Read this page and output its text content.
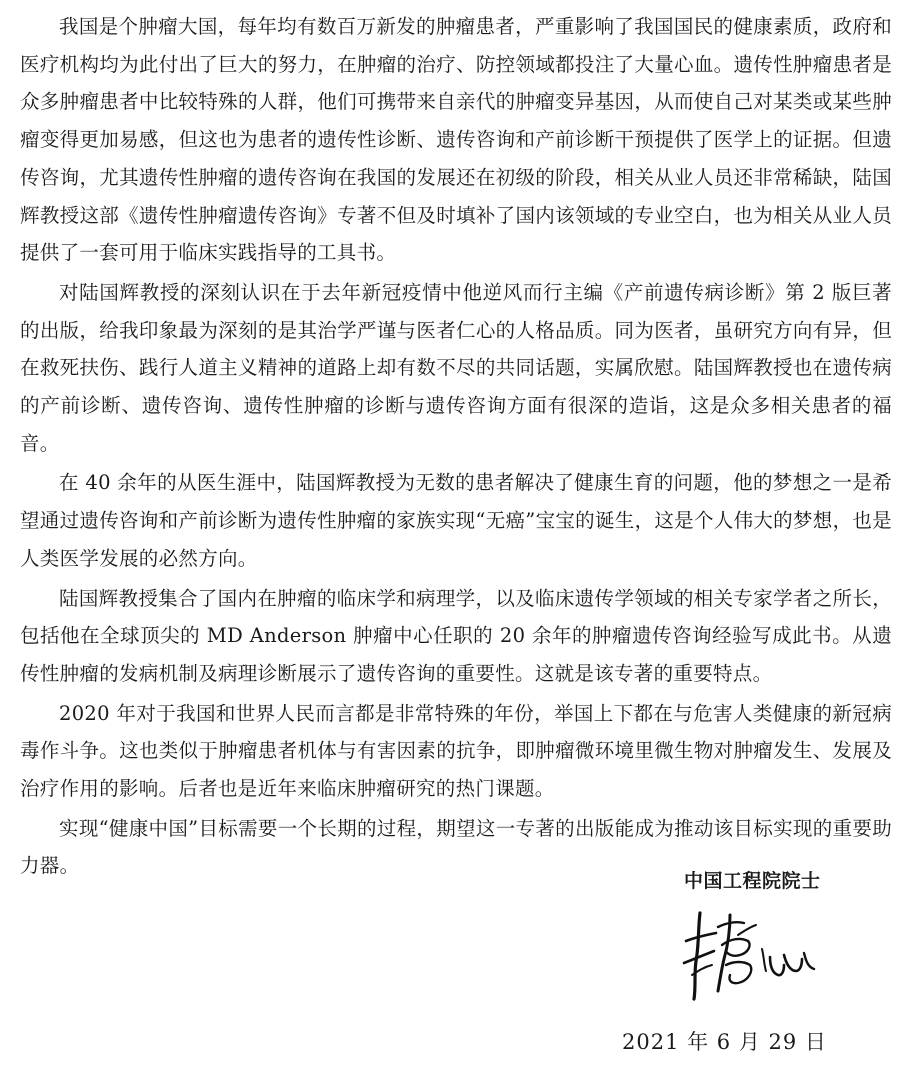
我国是个肿瘤大国，每年均有数百万新发的肿瘤患者，严重影响了我国国民的健康素质，政府和医疗机构均为此付出了巨大的努力，在肿瘤的治疗、防控领域都投注了大量心血。遗传性肿瘤患者是众多肿瘤患者中比较特殊的人群，他们可携带来自亲代的肿瘤变异基因，从而使自己对某类或某些肿瘤变得更加易感，但这也为患者的遗传性诊断、遗传咨询和产前诊断干预提供了医学上的证据。但遗传咨询，尤其遗传性肿瘤的遗传咨询在我国的发展还在初级的阶段，相关从业人员还非常稀缺，陆国辉教授这部《遗传性肿瘤遗传咨询》专著不但及时填补了国内该领域的专业空白，也为相关从业人员提供了一套可用于临床实践指导的工具书。

对陆国辉教授的深刻认识在于去年新冠疫情中他逆风而行主编《产前遗传病诊断》第 2 版巨著的出版，给我印象最为深刻的是其治学严谨与医者仁心的人格品质。同为医者，虽研究方向有异，但在救死扶伤、践行人道主义精神的道路上却有数不尽的共同话题，实属欣慰。陆国辉教授也在遗传病的产前诊断、遗传咨询、遗传性肿瘤的诊断与遗传咨询方面有很深的造诣，这是众多相关患者的福音。

在 40 余年的从医生涯中，陆国辉教授为无数的患者解决了健康生育的问题，他的梦想之一是希望通过遗传咨询和产前诊断为遗传性肿瘤的家族实现“无癌”宝宝的诞生，这是个人伟大的梦想，也是人类医学发展的必然方向。

陆国辉教授集合了国内在肿瘤的临床学和病理学，以及临床遗传学领域的相关专家学者之所长，包括他在全球顶尖的 MD Anderson 肿瘤中心任职的 20 余年的肿瘤遗传咨询经验写成此书。从遗传性肿瘤的发病机制及病理诊断展示了遗传咨询的重要性。这就是该专著的重要特点。

2020 年对于我国和世界人民而言都是非常特殊的年份，举国上下都在与危害人类健康的新冠病毒作斗争。这也类似于肿瘤患者机体与有害因素的抗争，即肿瘤微环境里微生物对肿瘤发生、发展及治疗作用的影响。后者也是近年来临床肿瘤研究的热门课题。

实现“健康中国”目标需要一个长期的过程，期望这一专著的出版能成为推动该目标实现的重要助力器。

中国工程院院士
2021 年 6 月 29 日
